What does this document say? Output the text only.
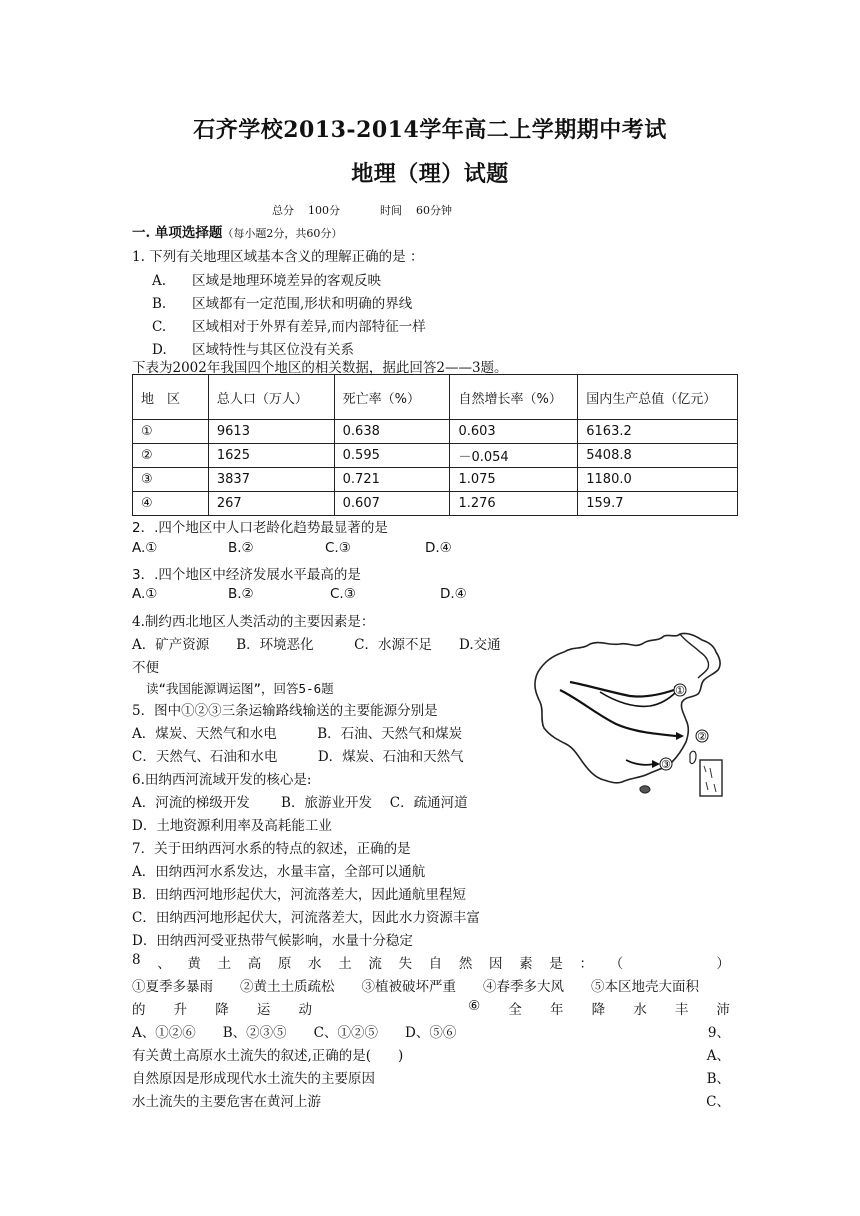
石齐学校2013-2014学年高二上学期期中考试
地理（理）试题
总分 100分	时间 60分钟
一. 单项选择题（每小题2分，共60分）
1. 下列有关地理区域基本含义的理解正确的是 ：
A. 区域是地理环境差异的客观反映
B. 区域都有一定范围,形状和明确的界线
C. 区域相对于外界有差异,而内部特征一样
D. 区域特性与其区位没有关系
下表为2002年我国四个地区的相关数据，据此回答2——3题。
地　区	总人口（万人）	死亡率（%）	自然增长率（%）	国内生产总值（亿元）
①	9613	0.638	0.603	6163.2
②	1625	0.595	－0.054	5408.8
③	3837	0.721	1.075	1180.0
④	267	0.607	1.276	159.7
2．.四个地区中人口老龄化趋势最显著的是
A.①	B.②	C.③	D.④
3．.四个地区中经济发展水平最高的是
A.①	B.②	C.③	D.④
4.制约西北地区人类活动的主要因素是：
A．矿产资源　　B．环境恶化　　　C．水源不足　　D.交通
不便
读“我国能源调运图”，回答5-6题	①
②
③
5．图中①②③三条运输路线输送的主要能源分别是
A．煤炭、天然气和水电　　　B．石油、天然气和煤炭
C．天然气、石油和水电　　　D．煤炭、石油和天然气
6.田纳西河流域开发的核心是:
A．河流的梯级开发　　 B．旅游业开发　 C．疏通河道
D．土地资源利用率及高耗能工业
7．关于田纳西河水系的特点的叙述，正确的是
A．田纳西河水系发达，水量丰富，全部可以通航
B．田纳西河地形起伏大，河流落差大，因此通航里程短
C．田纳西河地形起伏大，河流落差大，因此水力资源丰富
D．田纳西河受亚热带气候影响，水量十分稳定
8 、 黄 土 高 原 水 土 流 失 自 然 因 素 是 ： （	）
①夏季多暴雨　　②黄土土质疏松　　③植被破坏严重　　④春季多大风　　⑤本区地壳大面积
的 升 降 运 动	⑥ 全 年 降 水 丰 沛
A、①②⑥　　B、②③⑤　　C、①②⑤　　D、⑤⑥	9、
有关黄土高原水土流失的叙述,正确的是(　　)	A、
自然原因是形成现代水土流失的主要原因	B、
水土流失的主要危害在黄河上游	C、
